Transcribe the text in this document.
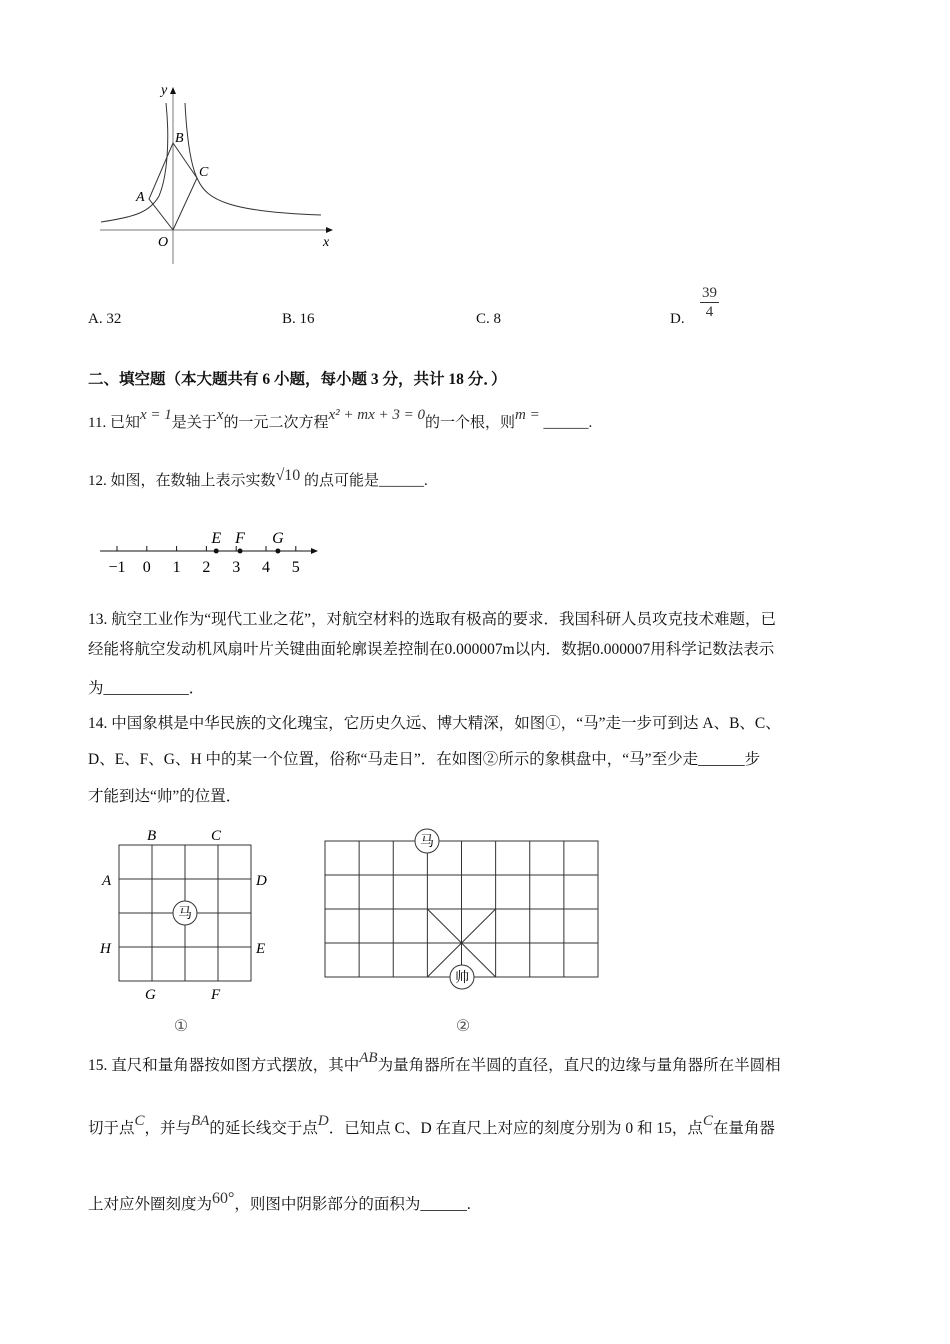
y
x
O
A
B
C
A. 32	B. 16	C. 8	D. $\frac{39}{4}$
二、填空题（本大题共有 6 小题，每小题 3 分，共计 18 分．）
11. 已知x = 1是关于x的一元二次方程x² + mx + 3 = 0的一个根，则m = ______.
12. 如图，在数轴上表示实数√10 的点可能是______.
−1 0 1 2 3 4 5
E F G
13. 航空工业作为“现代工业之花”，对航空材料的选取有极高的要求．我国科研人员攻克技术难题，已
经能将航空发动机风扇叶片关键曲面轮廓误差控制在0.000007m以内．数据0.000007用科学记数法表示
为___________．
14. 中国象棋是中华民族的文化瑰宝，它历史久远、博大精深，如图①，“马”走一步可到达 A、B、C、
D、E、F、G、H 中的某一个位置，俗称“马走日”．在如图②所示的象棋盘中，“马”至少走______步
才能到达“帅”的位置．
马
B	C
A	D
H	E
G	F
①
马
帅
②
15. 直尺和量角器按如图方式摆放，其中AB为量角器所在半圆的直径，直尺的边缘与量角器所在半圆相
切于点C，并与BA的延长线交于点D．已知点 C、D 在直尺上对应的刻度分别为 0 和 15，点C在量角器
上对应外圈刻度为60°，则图中阴影部分的面积为______.
